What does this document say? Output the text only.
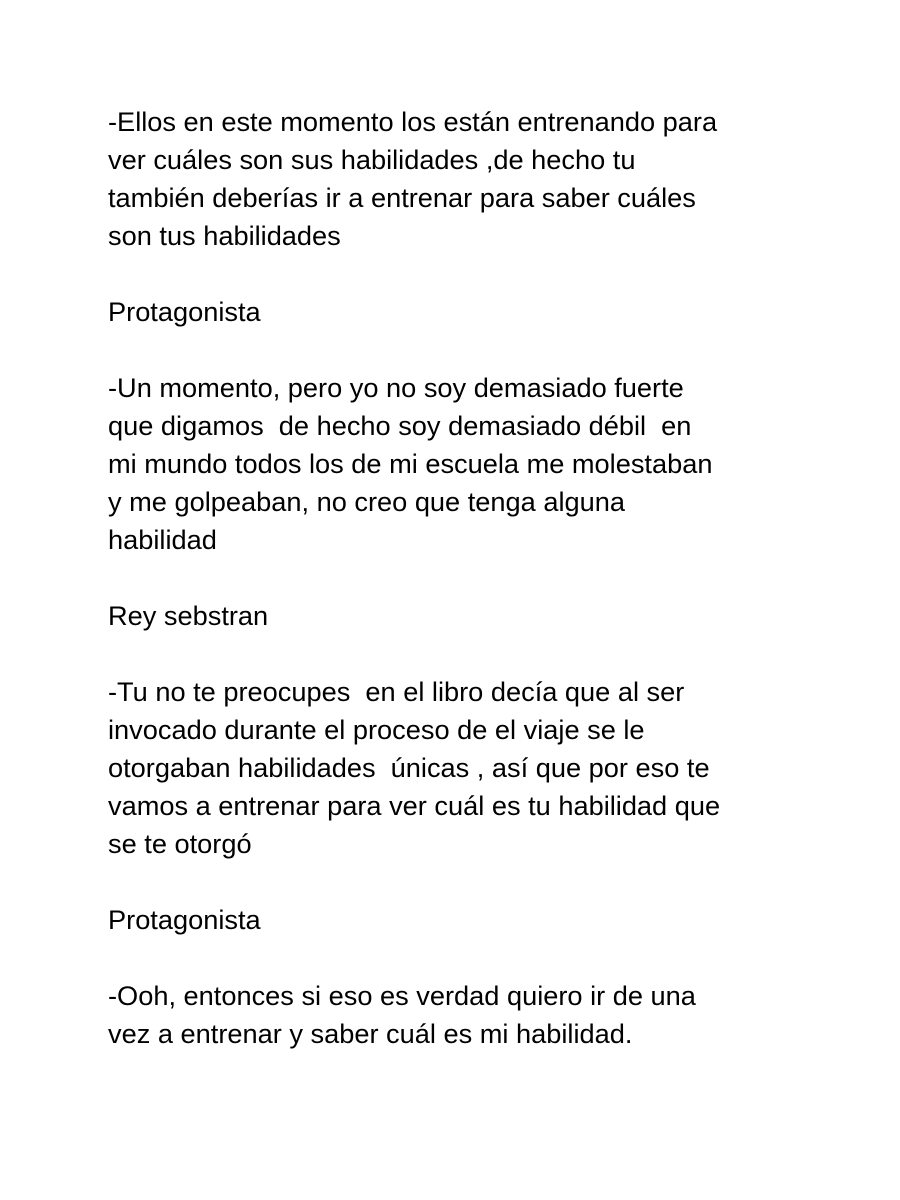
-Ellos en este momento los están entrenando para
ver cuáles son sus habilidades ,de hecho tu
también deberías ir a entrenar para saber cuáles
son tus habilidades

Protagonista

-Un momento, pero yo no soy demasiado fuerte
que digamos  de hecho soy demasiado débil  en
mi mundo todos los de mi escuela me molestaban
y me golpeaban, no creo que tenga alguna
habilidad

Rey sebstran

-Tu no te preocupes  en el libro decía que al ser
invocado durante el proceso de el viaje se le
otorgaban habilidades  únicas , así que por eso te
vamos a entrenar para ver cuál es tu habilidad que
se te otorgó

Protagonista

-Ooh, entonces si eso es verdad quiero ir de una
vez a entrenar y saber cuál es mi habilidad.
